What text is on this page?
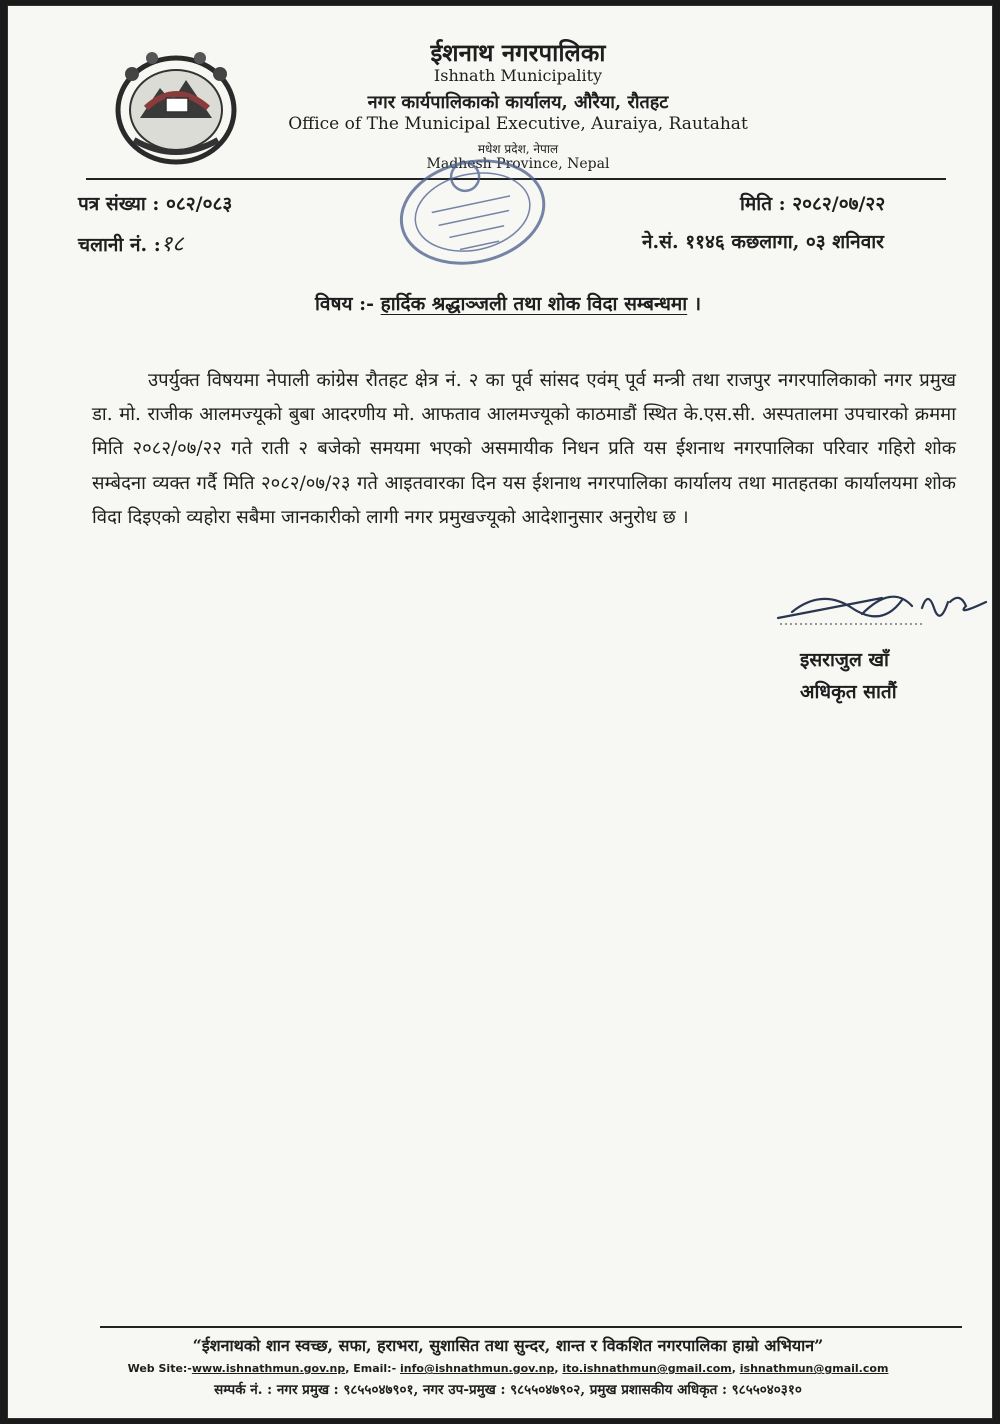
ईशनाथ नगरपालिका
Ishnath Municipality
नगर कार्यपालिकाको कार्यालय, औरैया, रौतहट
Office of The Municipal Executive, Auraiya, Rautahat
मधेश प्रदेश, नेपाल
Madhesh Province, Nepal
पत्र संख्या : ०८२/०८३
चलानी नं. :१८
मिति : २०८२/०७/२२
ने.सं. ११४६ कछलागा, ०३ शनिवार
विषय :- हार्दिक श्रद्धाञ्जली तथा शोक विदा सम्बन्धमा ।
उपर्युक्त विषयमा नेपाली कांग्रेस रौतहट क्षेत्र नं. २ का पूर्व सांसद एवंम् पूर्व मन्त्री तथा राजपुर नगरपालिकाको नगर प्रमुख डा. मो. राजीक आलमज्यूको बुबा आदरणीय मो. आफताव आलमज्यूको काठमाडौं स्थित के.एस.सी. अस्पतालमा उपचारको क्रममा मिति २०८२/०७/२२ गते राती २ बजेको समयमा भएको असमायीक निधन प्रति यस ईशनाथ नगरपालिका परिवार गहिरो शोक सम्बेदना व्यक्त गर्दै मिति २०८२/०७/२३ गते आइतवारका दिन यस ईशनाथ नगरपालिका कार्यालय तथा मातहतका कार्यालयमा शोक विदा दिइएको व्यहोरा सबैमा जानकारीको लागी नगर प्रमुखज्यूको आदेशानुसार अनुरोध छ ।
इसराजुल खाँ
अधिकृत सातौं
“ईशनाथको शान स्वच्छ, सफा, हराभरा, सुशासित तथा सुन्दर, शान्त र विकशित नगरपालिका हाम्रो अभियान”
Web Site:-www.ishnathmun.gov.np, Email:- info@ishnathmun.gov.np, ito.ishnathmun@gmail.com, ishnathmun@gmail.com
सम्पर्क नं. : नगर प्रमुख : ९८५५०४७९०१, नगर उप-प्रमुख : ९८५५०४७९०२, प्रमुख प्रशासकीय अधिकृत : ९८५५०४०३१०
